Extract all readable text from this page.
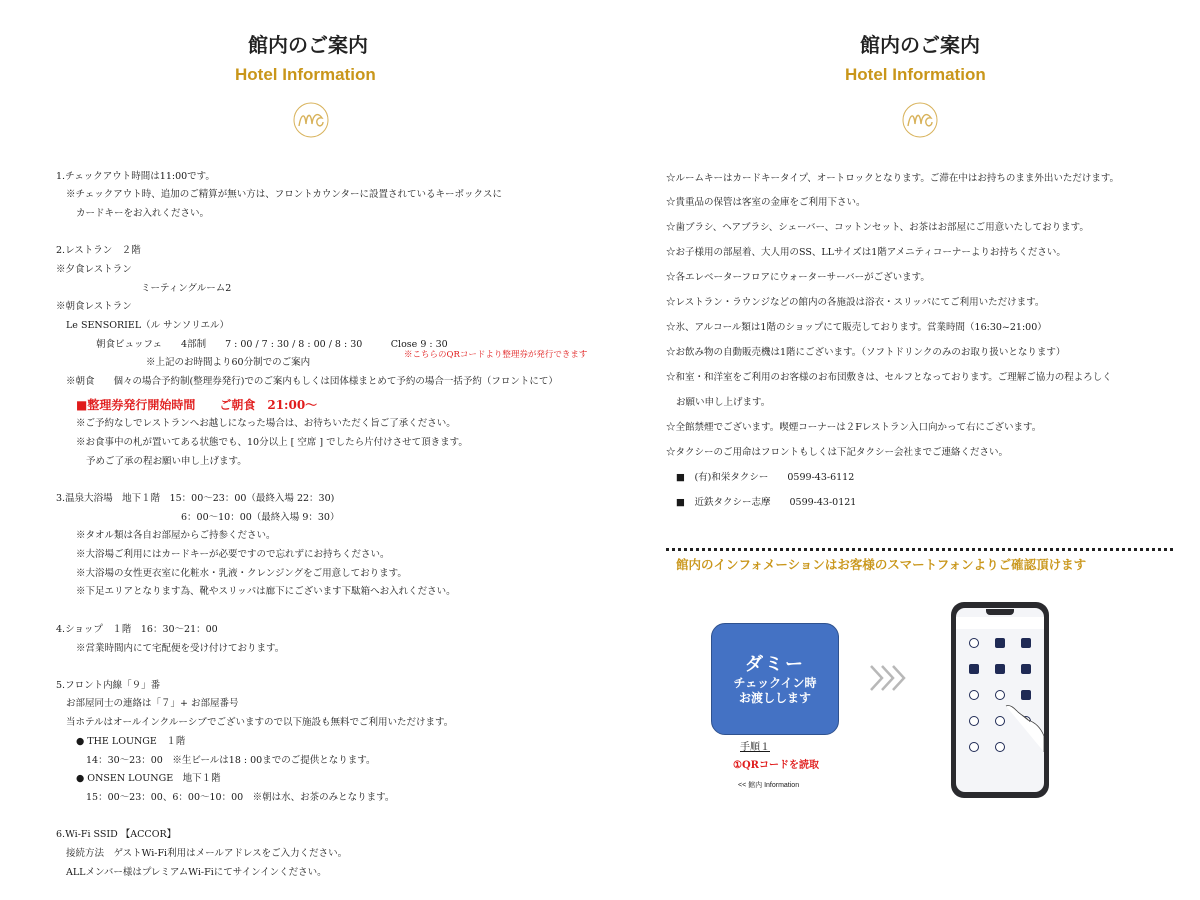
館内のご案内
Hotel Information
1.チェックアウト時間は11:00です。
※チェックアウト時、追加のご精算が無い方は、フロントカウンターに設置されているキーボックスに
カードキーをお入れください。
2.レストラン　２階
※夕食レストラン
ミーティングルーム2
※朝食レストラン
Le SENSORIEL（ル サンソリエル）
朝食ビュッフェ　　4部制　　7 : 00 / 7 : 30 / 8 : 00 / 8 : 30　　　Close 9 : 30
※こちらのQRコードより整理券が発行できます
※上記のお時間より60分制でのご案内
※朝食　　個々の場合予約制(整理券発行)でのご案内もしくは団体様まとめて予約の場合一括予約（フロントにて）
■整理券発行開始時間　　ご朝食　21:00～
※ご予約なしでレストランへお越しになった場合は、お待ちいただく旨ご了承ください。
※お食事中の札が置いてある状態でも、10分以上 [ 空席 ] でしたら片付けさせて頂きます。
予めご了承の程お願い申し上げます。
3.温泉大浴場　地下１階　15：00～23：00（最終入場 22：30)
6：00～10：00（最終入場 9：30）
※タオル類は各自お部屋からご持参ください。
※大浴場ご利用にはカードキーが必要ですので忘れずにお持ちください。
※大浴場の女性更衣室に化粧水・乳液・クレンジングをご用意しております。
※下足エリアとなります為、靴やスリッパは廊下にございます下駄箱へお入れください。
4.ショップ　１階　16：30～21：00
※営業時間内にて宅配便を受け付けております。
5.フロント内線「９」番
お部屋同士の連絡は「７」+ お部屋番号
当ホテルはオールインクルーシブでございますので以下施設も無料でご利用いただけます。
● THE LOUNGE　１階
14：30～23：00　※生ビールは18 : 00までのご提供となります。
● ONSEN LOUNGE　地下１階
15：00～23：00、6：00～10：00　※朝は水、お茶のみとなります。
6.Wi-Fi SSID 【ACCOR】
接続方法　ゲストWi-Fi利用はメールアドレスをご入力ください。
ALLメンバー様はプレミアムWi-Fiにてサインインください。
館内のご案内
Hotel Information
☆ルームキーはカードキータイプ、オートロックとなります。ご滞在中はお持ちのまま外出いただけます。
☆貴重品の保管は客室の金庫をご利用下さい。
☆歯ブラシ、ヘアブラシ、シェーバー、コットンセット、お茶はお部屋にご用意いたしております。
☆お子様用の部屋着、大人用のSS、LLサイズは1階アメニティコーナーよりお持ちください。
☆各エレベーターフロアにウォーターサーバーがございます。
☆レストラン・ラウンジなどの館内の各施設は浴衣・スリッパにてご利用いただけます。
☆氷、アルコール類は1階のショップにて販売しております。営業時間（16:30~21:00）
☆お飲み物の自動販売機は1階にございます。（ソフトドリンクのみのお取り扱いとなります）
☆和室・和洋室をご利用のお客様のお布団敷きは、セルフとなっております。ご理解ご協力の程よろしく
お願い申し上げます。
☆全館禁煙でございます。喫煙コーナーは２Fレストラン入口向かって右にございます。
☆タクシーのご用命はフロントもしくは下記タクシー会社までご連絡ください。
■　(有)和栄タクシー　　0599-43-6112
■　近鉄タクシー志摩　　0599-43-0121
館内のインフォメーションはお客様のスマートフォンよりご確認頂けます
ダミー
チェックイン時
お渡しします
手順１
①QRコードを読取
<< 館内 Information
